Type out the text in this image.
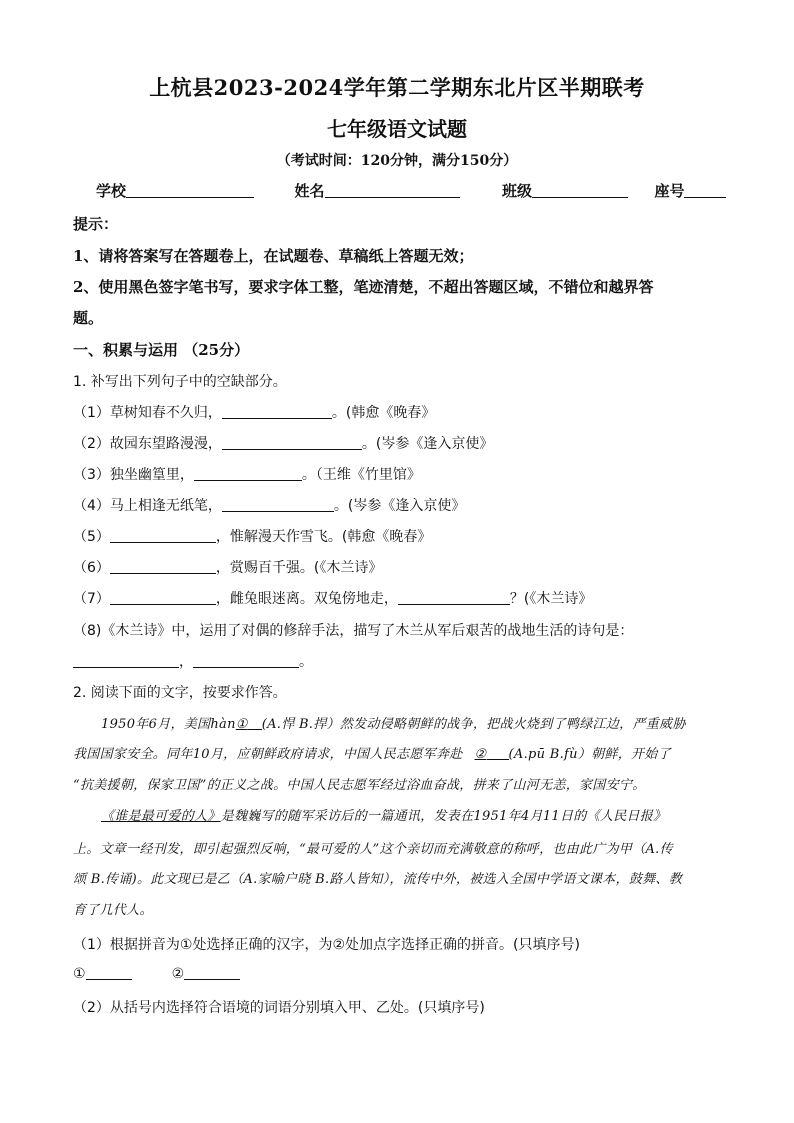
上杭县2023-2024学年第二学期东北片区半期联考
七年级语文试题
（考试时间：120分钟，满分150分）
学校	姓名	班级	座号
提示：
1、请将答案写在答题卷上，在试题卷、草稿纸上答题无效；
2、使用黑色签字笔书写，要求字体工整，笔迹清楚，不超出答题区域，不错位和越界答
题。
一、积累与运用 （25分）
1. 补写出下列句子中的空缺部分。
（1）草树知春不久归，	。(韩愈《晚春》
（2）故园东望路漫漫，	。(岑参《逢入京使》
（3）独坐幽篁里，	。（王维《竹里馆》
（4）马上相逢无纸笔，	。(岑参《逢入京使》
（5）	，惟解漫天作雪飞。(韩愈《晚春》
（6）	，赏赐百千强。(《木兰诗》
（7）	，雌兔眼迷离。双兔傍地走，	？(《木兰诗》
（8)《木兰诗》中，运用了对偶的修辞手法，描写了木兰从军后艰苦的战地生活的诗句是：
，	。
2. 阅读下面的文字，按要求作答。
1950年6月，美国hàn① (A.悍 B.捍）然发动侵略朝鲜的战争，把战火烧到了鸭绿江边，严重威胁
我国国家安全。同年10月，应朝鲜政府请求，中国人民志愿军奔赴 ② (A.pū B.fù）朝鲜，开始了
“抗美援朝，保家卫国”的正义之战。中国人民志愿军经过浴血奋战，拼来了山河无恙，家国安宁。
《谁是最可爱的人》是魏巍写的随军采访后的一篇通讯，发表在1951年4月11日的《人民日报》
上。文章一经刊发，即引起强烈反响，“最可爱的人”这个亲切而充满敬意的称呼，也由此广为甲（A.传
颂 B.传诵)。此文现已是乙（A.家喻户晓 B.路人皆知），流传中外，被选入全国中学语文课本，鼓舞、教
育了几代人。
（1）根据拼音为①处选择正确的汉字，为②处加点字选择正确的拼音。(只填序号)
①	②
（2）从括号内选择符合语境的词语分别填入甲、乙处。(只填序号)
